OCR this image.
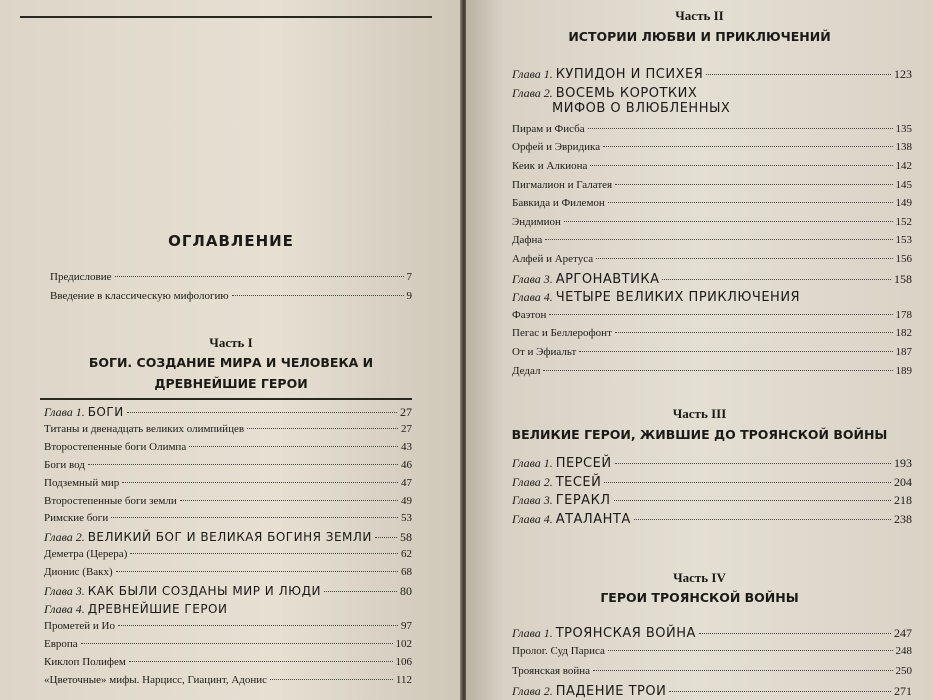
ОГЛАВЛЕНИЕ
Предисловие	7
Введение в классическую мифологию	9
Часть I
БОГИ. СОЗДАНИЕ МИРА И ЧЕЛОВЕКА И
ДРЕВНЕЙШИЕ ГЕРОИ
Глава 1. БОГИ	27
Титаны и двенадцать великих олимпийцев	27
Второстепенные боги Олимпа	43
Боги вод	46
Подземный мир	47
Второстепенные боги земли	49
Римские боги	53
Глава 2. ВЕЛИКИЙ БОГ И ВЕЛИКАЯ БОГИНЯ ЗЕМЛИ 58
Деметра (Церера)	62
Дионис (Вакх)	68
Глава 3. КАК БЫЛИ СОЗДАНЫ МИР И ЛЮДИ	80
Глава 4. ДРЕВНЕЙШИЕ ГЕРОИ
Прометей и Ио	97
Европа	102
Киклоп Полифем	106
«Цветочные» мифы. Нарцисс, Гиацинт, Адонис	112
Часть II
ИСТОРИИ ЛЮБВИ И ПРИКЛЮЧЕНИЙ
Глава 1. КУПИДОН И ПСИХЕЯ	123
Глава 2. ВОСЕМЬ КОРОТКИХ
МИФОВ О ВЛЮБЛЕННЫХ
Пирам и Фисба	135
Орфей и Эвридика	138
Кеик и Алкиона	142
Пигмалион и Галатея	145
Бавкида и Филемон	149
Эндимион	152
Дафна	153
Алфей и Аретуса	156
Глава 3. АРГОНАВТИКА	158
Глава 4. ЧЕТЫРЕ ВЕЛИКИХ ПРИКЛЮЧЕНИЯ
Фаэтон	178
Пегас и Беллерофонт	182
От и Эфиальт	187
Дедал	189
Часть III
ВЕЛИКИЕ ГЕРОИ, ЖИВШИЕ ДО ТРОЯНСКОЙ ВОЙНЫ
Глава 1. ПЕРСЕЙ	193
Глава 2. ТЕСЕЙ	204
Глава 3. ГЕРАКЛ	218
Глава 4. АТАЛАНТА	238
Часть IV
ГЕРОИ ТРОЯНСКОЙ ВОЙНЫ
Глава 1. ТРОЯНСКАЯ ВОЙНА	247
Пролог. Суд Париса	248
Троянская война	250
Глава 2. ПАДЕНИЕ ТРОИ	271
